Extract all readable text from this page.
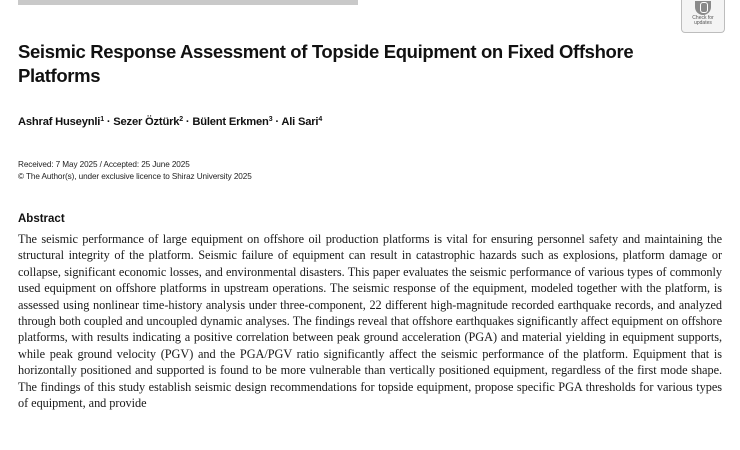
Check for
updates
Seismic Response Assessment of Topside Equipment on Fixed Offshore Platforms
Ashraf Huseynli$^1$ · Sezer Öztürk$^2$ · Bülent Erkmen$^3$ · Ali Sari$^4$
Received: 7 May 2025 / Accepted: 25 June 2025
© The Author(s), under exclusive licence to Shiraz University 2025
Abstract

The seismic performance of large equipment on offshore oil production platforms is vital for ensuring personnel safety and maintaining the structural integrity of the platform. Seismic failure of equipment can result in catastrophic hazards such as explosions, platform damage or collapse, significant economic losses, and environmental disasters. This paper evaluates the seismic performance of various types of commonly used equipment on offshore platforms in upstream operations. The seismic response of the equipment, modeled together with the platform, is assessed using nonlinear time-history analysis under three-component, 22 different high-magnitude recorded earthquake records, and analyzed through both coupled and uncoupled dynamic analyses. The findings reveal that offshore earthquakes significantly affect equipment on offshore platforms, with results indicating a positive correlation between peak ground acceleration (PGA) and material yielding in equipment supports, while peak ground velocity (PGV) and the PGA/PGV ratio significantly affect the seismic performance of the platform. Equipment that is horizontally positioned and supported is found to be more vulnerable than vertically positioned equipment, regardless of the first mode shape. The findings of this study establish seismic design recommendations for topside equipment, propose specific PGA thresholds for various types of equipment, and provide
